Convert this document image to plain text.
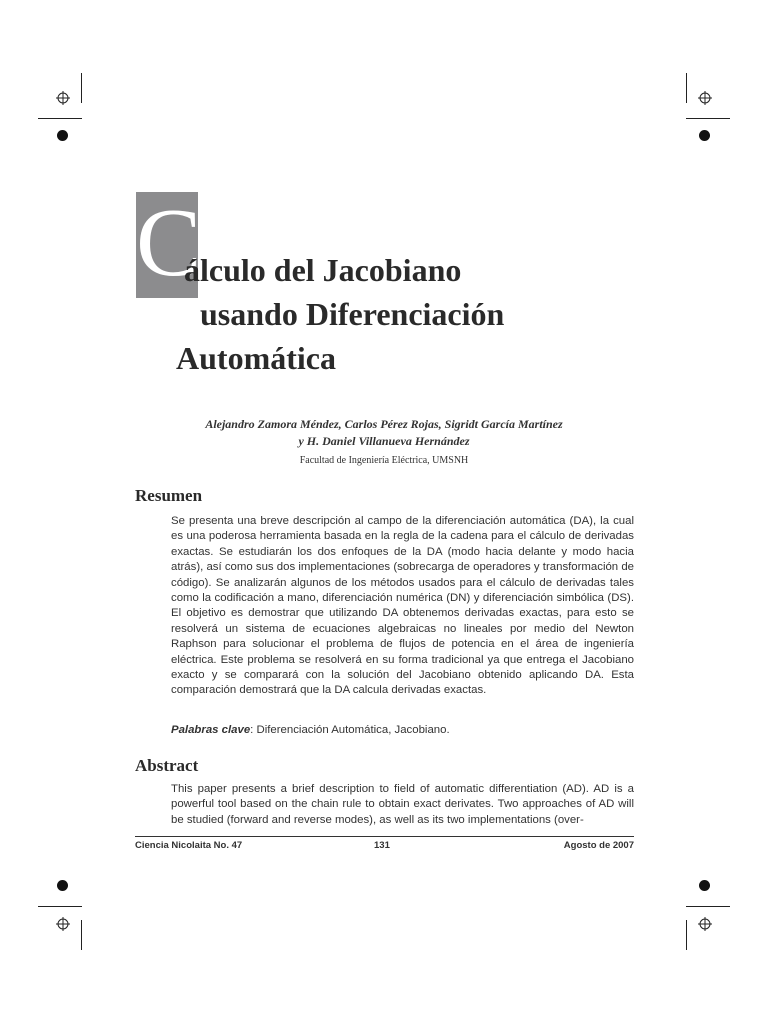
C
álculo del Jacobiano
usando Diferenciación
Automática
Alejandro Zamora Méndez, Carlos Pérez Rojas, Sigridt García Martínez
y H. Daniel Villanueva Hernández
Facultad de Ingeniería Eléctrica, UMSNH
Resumen

Se presenta una breve descripción al campo de la diferenciación automática (DA), la cual es una poderosa herramienta basada en la regla de la cadena para el cálculo de derivadas exactas. Se estudiarán los dos enfoques de la DA (modo hacia delante y modo hacia atrás), así como sus dos implementaciones (sobrecarga de operadores y transformación de código). Se analizarán algunos de los métodos usados para el cálculo de derivadas tales como la codificación a mano, diferenciación numérica (DN) y diferenciación simbólica (DS). El objetivo es demostrar que utilizando DA obtenemos derivadas exactas, para esto se resolverá un sistema de ecuaciones algebraicas no lineales por medio del Newton Raphson para solucionar el problema de flujos de potencia en el área de ingeniería eléctrica. Este problema se resolverá en su forma tradicional ya que entrega el Jacobiano exacto y se comparará con la solución del Jacobiano obtenido aplicando DA. Esta comparación demostrará que la DA calcula derivadas exactas.

Palabras clave: Diferenciación Automática, Jacobiano.
Abstract

This paper presents a brief description to field of automatic differentiation (AD). AD is a powerful tool based on the chain rule to obtain exact derivates. Two approaches of AD will be studied (forward and reverse modes), as well as its two implementations (over-

Ciencia Nicolaita No. 47	131	Agosto de 2007
